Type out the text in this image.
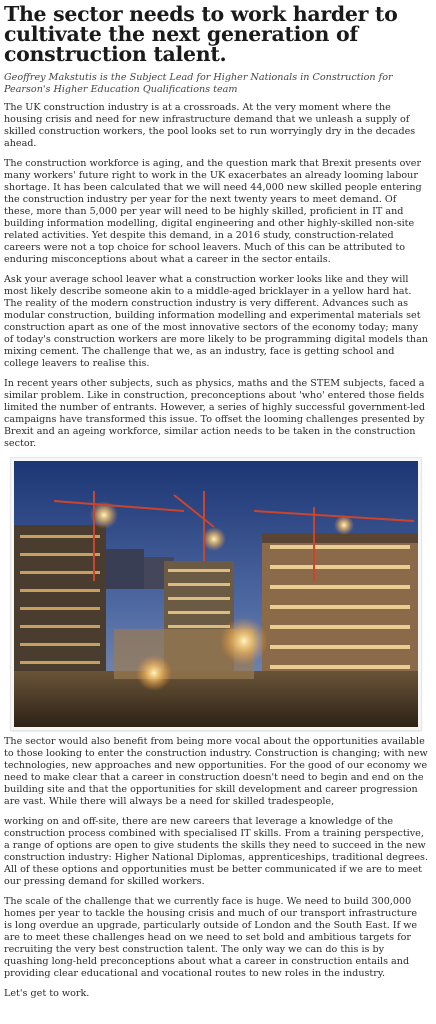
The sector needs to work harder to cultivate the next generation of construction talent.

Geoffrey Makstutis is the Subject Lead for Higher Nationals in Construction for Pearson's Higher Education Qualifications team

The UK construction industry is at a crossroads. At the very moment where the housing crisis and need for new infrastructure demand that we unleash a supply of skilled construction workers, the pool looks set to run worryingly dry in the decades ahead.

The construction workforce is aging, and the question mark that Brexit presents over many workers' future right to work in the UK exacerbates an already looming labour shortage. It has been calculated that we will need 44,000 new skilled people entering the construction industry per year for the next twenty years to meet demand. Of these, more than 5,000 per year will need to be highly skilled, proficient in IT and building information modelling, digital engineering and other highly-skilled non-site related activities. Yet despite this demand, in a 2016 study, construction-related careers were not a top choice for school leavers. Much of this can be attributed to enduring misconceptions about what a career in the sector entails.

Ask your average school leaver what a construction worker looks like and they will most likely describe someone akin to a middle-aged bricklayer in a yellow hard hat. The reality of the modern construction industry is very different. Advances such as modular construction, building information modelling and experimental materials set construction apart as one of the most innovative sectors of the economy today; many of today's construction workers are more likely to be programming digital models than mixing cement. The challenge that we, as an industry, face is getting school and college leavers to realise this.

In recent years other subjects, such as physics, maths and the STEM subjects, faced a similar problem. Like in construction, preconceptions about 'who' entered those fields limited the number of entrants. However, a series of highly successful government-led campaigns have transformed this issue. To offset the looming challenges presented by Brexit and an ageing workforce, similar action needs to be taken in the construction sector.

The sector would also benefit from being more vocal about the opportunities available to those looking to enter the construction industry. Construction is changing; with new technologies, new approaches and new opportunities. For the good of our economy we need to make clear that a career in construction doesn't need to begin and end on the building site and that the opportunities for skill development and career progression are vast. While there will always be a need for skilled tradespeople,

working on and off-site, there are new careers that leverage a knowledge of the construction process combined with specialised IT skills. From a training perspective, a range of options are open to give students the skills they need to succeed in the new construction industry: Higher National Diplomas, apprenticeships, traditional degrees. All of these options and opportunities must be better communicated if we are to meet our pressing demand for skilled workers.

The scale of the challenge that we currently face is huge. We need to build 300,000 homes per year to tackle the housing crisis and much of our transport infrastructure is long overdue an upgrade, particularly outside of London and the South East. If we are to meet these challenges head on we need to set bold and ambitious targets for recruiting the very best construction talent. The only way we can do this is by quashing long-held preconceptions about what a career in construction entails and providing clear educational and vocational routes to new roles in the industry.

Let's get to work.
